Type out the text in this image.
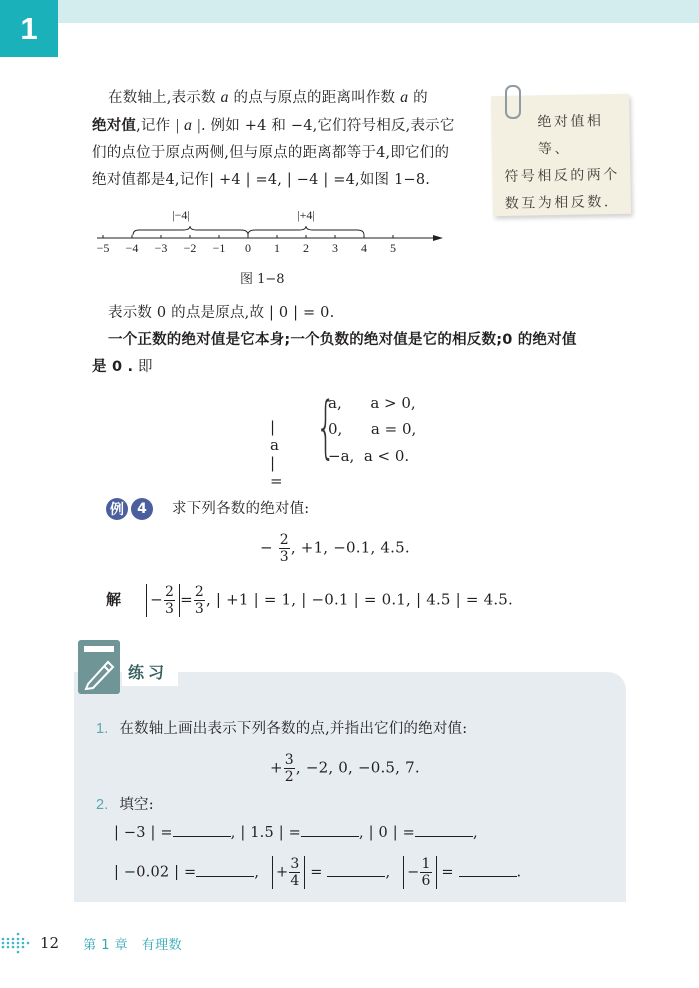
1
在数轴上,表示数 a 的点与原点的距离叫作数 a 的
绝对值,记作 | a |. 例如 +4 和 −4,它们符号相反,表示它
们的点位于原点两侧,但与原点的距离都等于4,即它们的
绝对值都是4,记作| +4 | =4, | −4 | =4,如图 1−8.
绝对值相等、
符号相反的两个
数互为相反数.
|−4|	|+4|
−5 −4 −3 −2 −1 0 1 2 3 4 5
图 1−8
表示数 0 的点是原点,故 | 0 | = 0.
一个正数的绝对值是它本身;一个负数的绝对值是它的相反数;0 的绝对值
是 0 . 即
| a | =
{
a,      a > 0,
0,      a = 0,
−a,  a < 0.
例 4	求下列各数的绝对值:
− $\frac{2}{3}$ , +1, −0.1, 4.5.
解 − $\frac{2}{3} = \frac{2}{3}$ , | +1 | = 1, | −0.1 | = 0.1, | 4.5 | = 4.5.
练习
1. 在数轴上画出表示下列各数的点,并指出它们的绝对值:
+ $\frac{3}{2}$ , −2, 0, −0.5, 7.
2. 填空:
| −3 | =	, | 1.5 | =	, | 0 | =	,
| −0.02 | =	, + $\frac{3}{4}$ =	, − $\frac{1}{6}$ =	.
12 第 1 章　有理数
